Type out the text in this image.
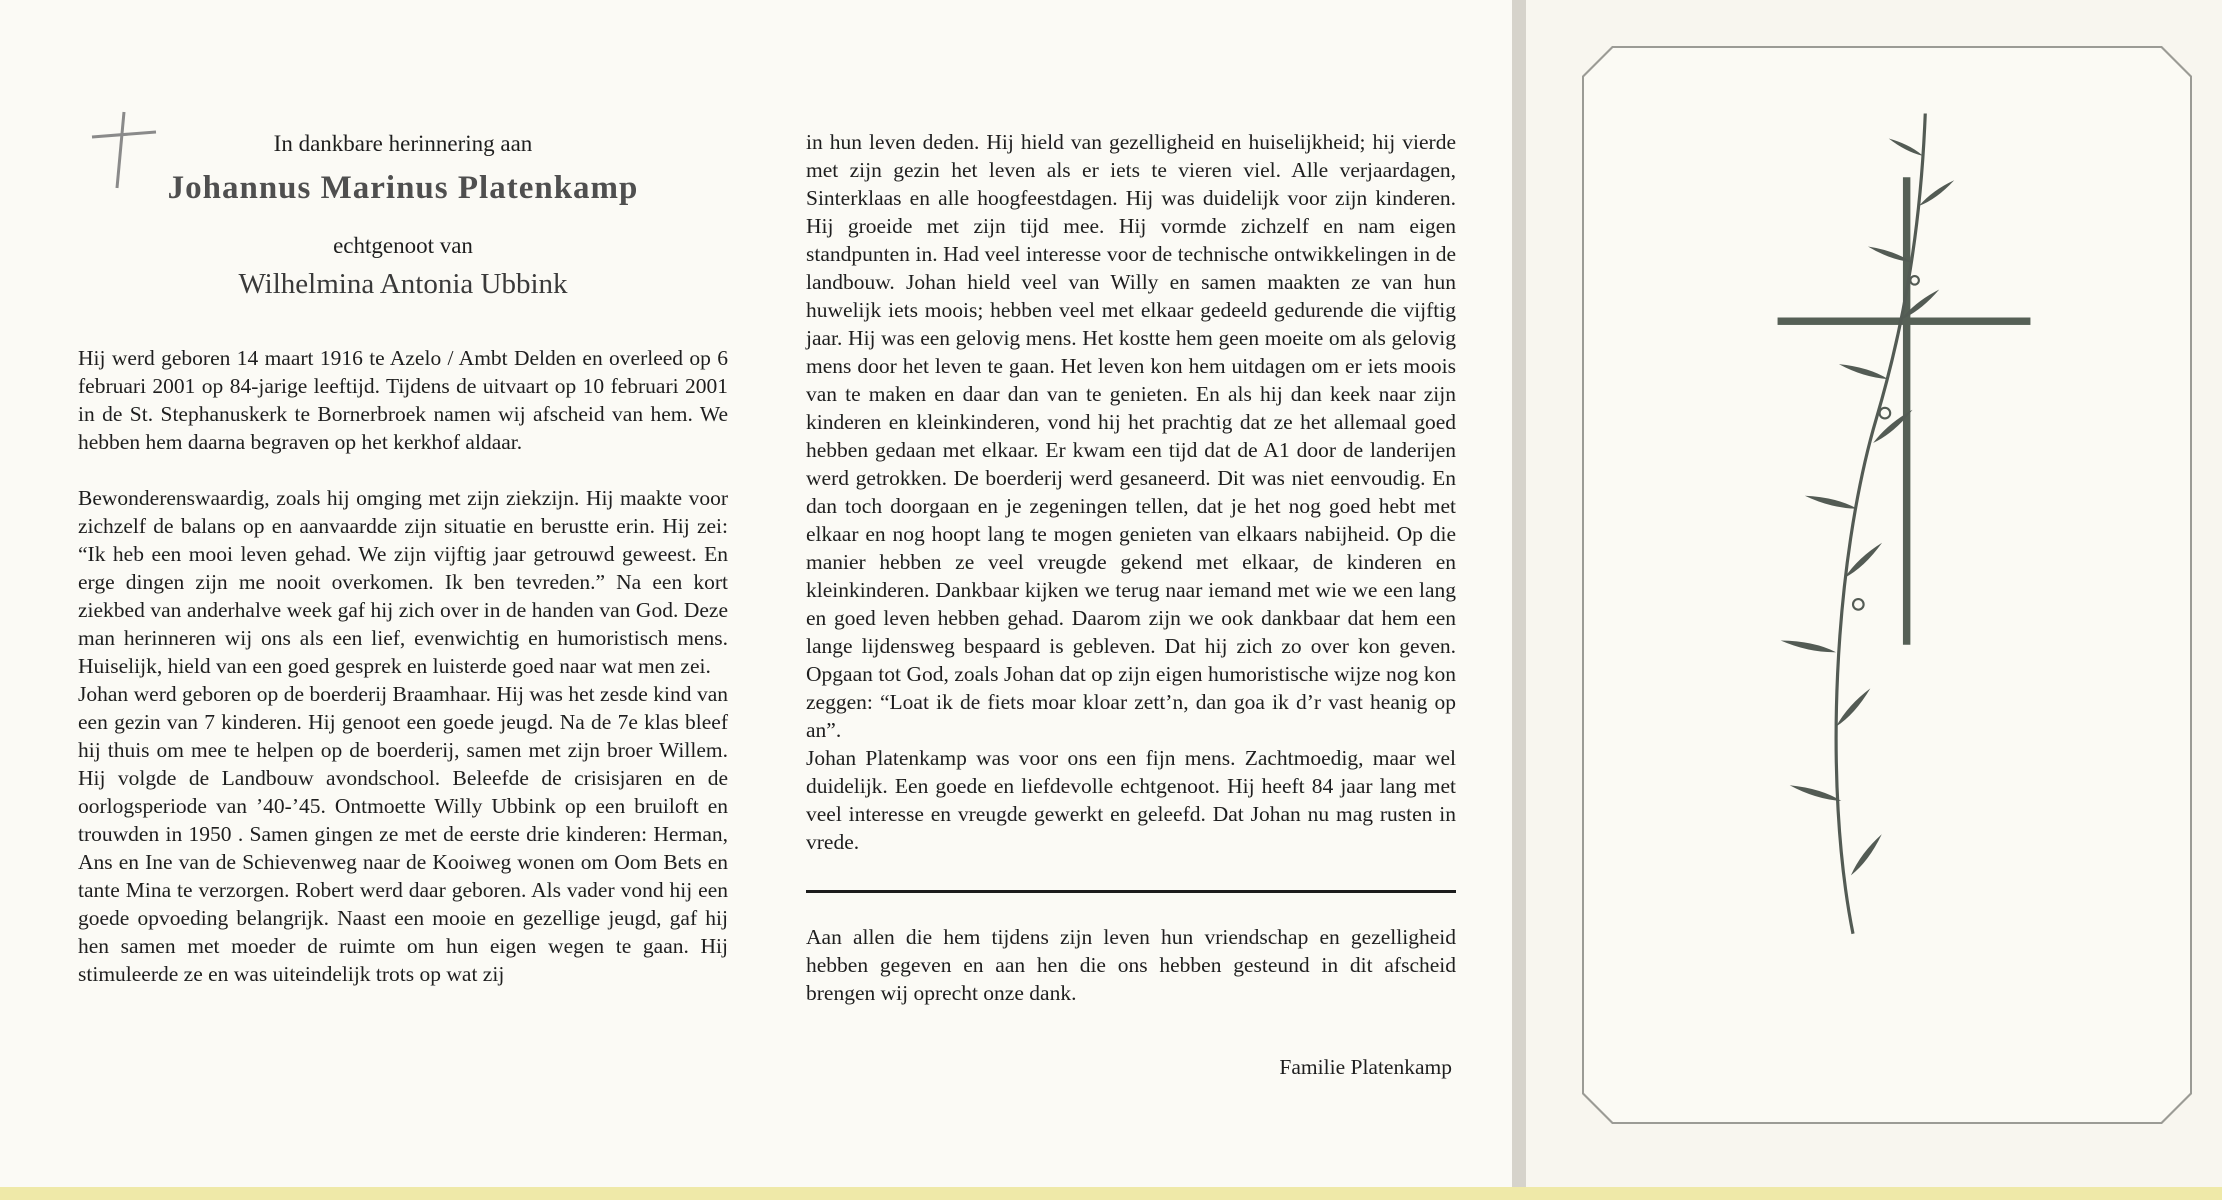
In dankbare herinnering aan
Johannus Marinus Platenkamp
echtgenoot van
Wilhelmina Antonia Ubbink

Hij werd geboren 14 maart 1916 te Azelo / Ambt Delden en overleed op 6 februari 2001 op 84-jarige leeftijd. Tijdens de uitvaart op 10 februari 2001 in de St. Stephanuskerk te Bornerbroek namen wij afscheid van hem. We hebben hem daarna begraven op het kerkhof aldaar.

Bewonderenswaardig, zoals hij omging met zijn ziekzijn. Hij maakte voor zichzelf de balans op en aanvaardde zijn situatie en berustte erin. Hij zei: “Ik heb een mooi leven gehad. We zijn vijftig jaar getrouwd geweest. En erge dingen zijn me nooit overkomen. Ik ben tevreden.” Na een kort ziekbed van anderhalve week gaf hij zich over in de handen van God. Deze man herinneren wij ons als een lief, evenwichtig en humoristisch mens. Huiselijk, hield van een goed gesprek en luisterde goed naar wat men zei.

Johan werd geboren op de boerderij Braamhaar. Hij was het zesde kind van een gezin van 7 kinderen. Hij genoot een goede jeugd. Na de 7e klas bleef hij thuis om mee te helpen op de boerderij, samen met zijn broer Willem. Hij volgde de Landbouw avondschool. Beleefde de crisisjaren en de oorlogsperiode van ’40-’45. Ontmoette Willy Ubbink op een bruiloft en trouwden in 1950 . Samen gingen ze met de eerste drie kinderen: Herman, Ans en Ine van de Schievenweg naar de Kooiweg wonen om Oom Bets en tante Mina te verzorgen. Robert werd daar geboren. Als vader vond hij een goede opvoeding belangrijk. Naast een mooie en gezellige jeugd, gaf hij hen samen met moeder de ruimte om hun eigen wegen te gaan. Hij stimuleerde ze en was uiteindelijk trots op wat zij

in hun leven deden. Hij hield van gezelligheid en huiselijkheid; hij vierde met zijn gezin het leven als er iets te vieren viel. Alle verjaardagen, Sinterklaas en alle hoogfeestdagen. Hij was duidelijk voor zijn kinderen. Hij groeide met zijn tijd mee. Hij vormde zichzelf en nam eigen standpunten in. Had veel interesse voor de technische ontwikkelingen in de landbouw. Johan hield veel van Willy en samen maakten ze van hun huwelijk iets moois; hebben veel met elkaar gedeeld gedurende die vijftig jaar. Hij was een gelovig mens. Het kostte hem geen moeite om als gelovig mens door het leven te gaan. Het leven kon hem uitdagen om er iets moois van te maken en daar dan van te genieten. En als hij dan keek naar zijn kinderen en kleinkinderen, vond hij het prachtig dat ze het allemaal goed hebben gedaan met elkaar. Er kwam een tijd dat de A1 door de landerijen werd getrokken. De boerderij werd gesaneerd. Dit was niet eenvoudig. En dan toch doorgaan en je zegeningen tellen, dat je het nog goed hebt met elkaar en nog hoopt lang te mogen genieten van elkaars nabijheid. Op die manier hebben ze veel vreugde gekend met elkaar, de kinderen en kleinkinderen. Dankbaar kijken we terug naar iemand met wie we een lang en goed leven hebben gehad. Daarom zijn we ook dankbaar dat hem een lange lijdensweg bespaard is gebleven. Dat hij zich zo over kon geven. Opgaan tot God, zoals Johan dat op zijn eigen humoristische wijze nog kon zeggen: “Loat ik de fiets moar kloar zett’n, dan goa ik d’r vast heanig op an”.

Johan Platenkamp was voor ons een fijn mens. Zachtmoedig, maar wel duidelijk. Een goede en liefdevolle echtgenoot. Hij heeft 84 jaar lang met veel interesse en vreugde gewerkt en geleefd. Dat Johan nu mag rusten in vrede.

Aan allen die hem tijdens zijn leven hun vriendschap en gezelligheid hebben gegeven en aan hen die ons hebben gesteund in dit afscheid brengen wij oprecht onze dank.

Familie Platenkamp
